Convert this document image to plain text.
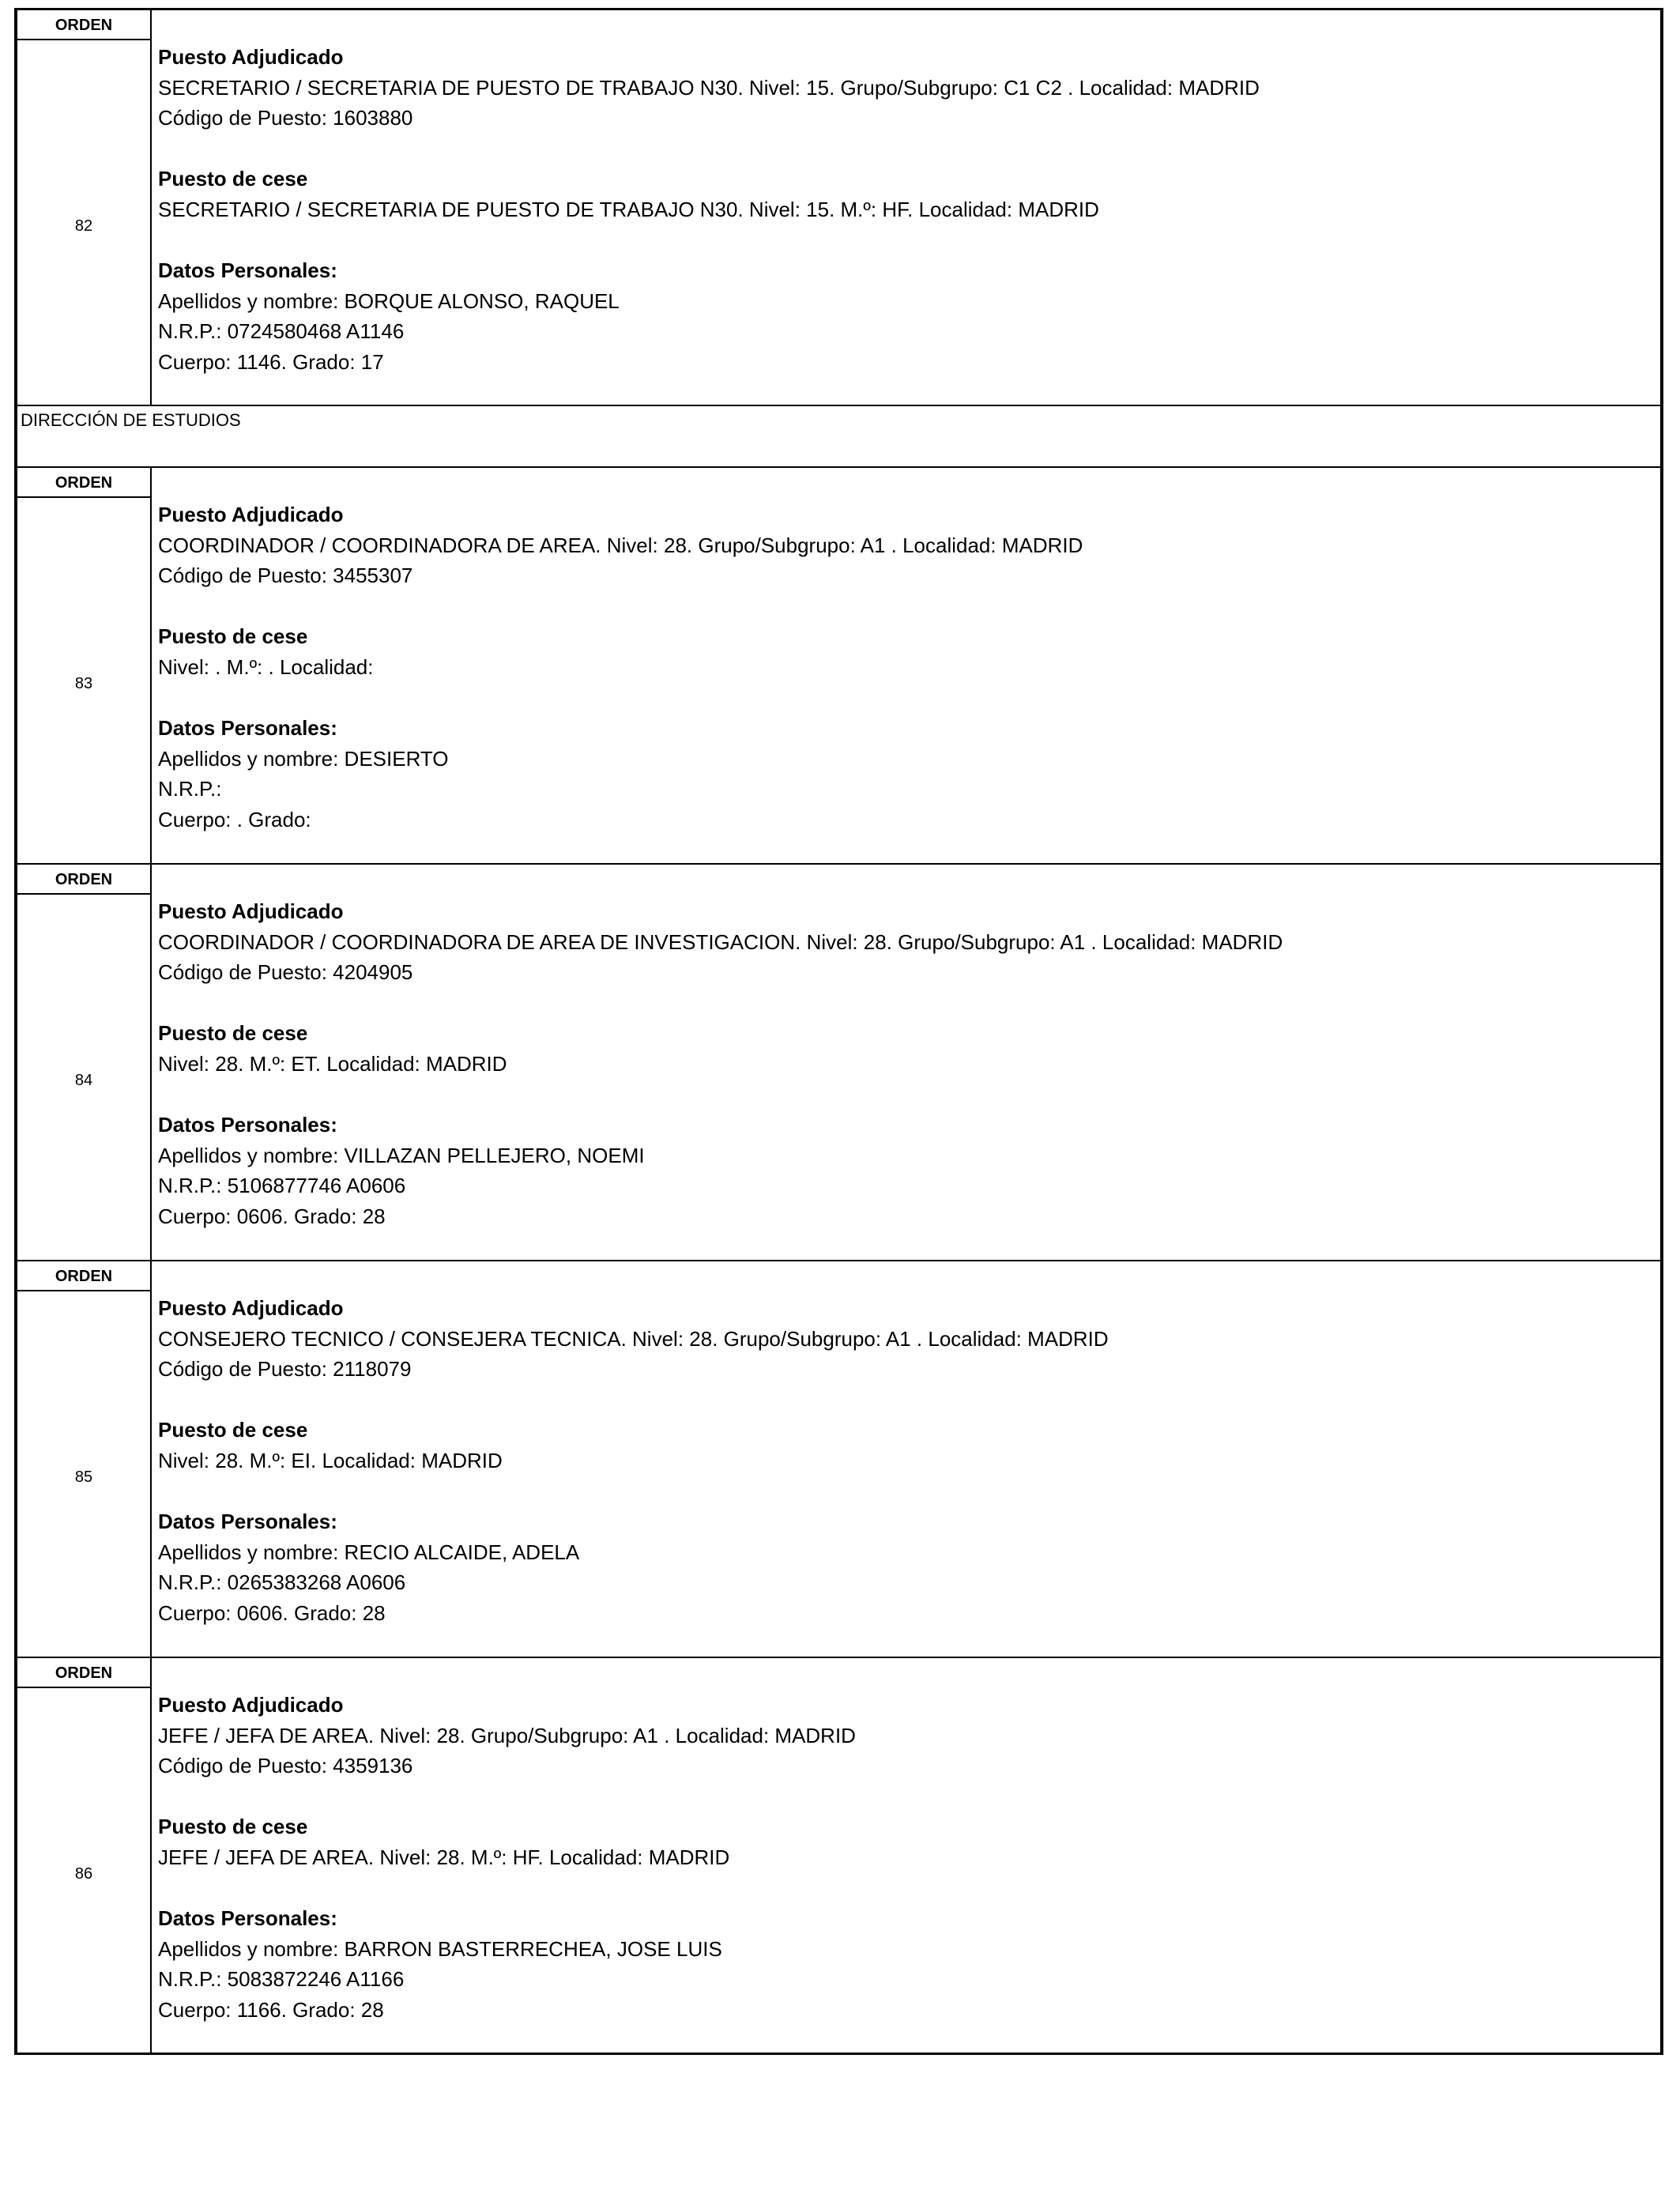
ORDEN
82
Puesto Adjudicado
SECRETARIO / SECRETARIA DE PUESTO DE TRABAJO N30. Nivel: 15. Grupo/Subgrupo: C1 C2 . Localidad: MADRID
Código de Puesto: 1603880
Puesto de cese
SECRETARIO / SECRETARIA DE PUESTO DE TRABAJO N30. Nivel: 15. M.º: HF. Localidad: MADRID
Datos Personales:
Apellidos y nombre: BORQUE ALONSO, RAQUEL
N.R.P.: 0724580468 A1146
Cuerpo: 1146. Grado: 17
DIRECCIÓN DE ESTUDIOS
ORDEN
83
Puesto Adjudicado
COORDINADOR / COORDINADORA DE AREA. Nivel: 28. Grupo/Subgrupo: A1 . Localidad: MADRID
Código de Puesto: 3455307
Puesto de cese
Nivel: . M.º: . Localidad:
Datos Personales:
Apellidos y nombre: DESIERTO
N.R.P.:
Cuerpo: . Grado:
ORDEN
84
Puesto Adjudicado
COORDINADOR / COORDINADORA DE AREA DE INVESTIGACION. Nivel: 28. Grupo/Subgrupo: A1 . Localidad: MADRID
Código de Puesto: 4204905
Puesto de cese
Nivel: 28. M.º: ET. Localidad: MADRID
Datos Personales:
Apellidos y nombre: VILLAZAN PELLEJERO, NOEMI
N.R.P.: 5106877746 A0606
Cuerpo: 0606. Grado: 28
ORDEN
85
Puesto Adjudicado
CONSEJERO TECNICO / CONSEJERA TECNICA. Nivel: 28. Grupo/Subgrupo: A1 . Localidad: MADRID
Código de Puesto: 2118079
Puesto de cese
Nivel: 28. M.º: EI. Localidad: MADRID
Datos Personales:
Apellidos y nombre: RECIO ALCAIDE, ADELA
N.R.P.: 0265383268 A0606
Cuerpo: 0606. Grado: 28
ORDEN
86
Puesto Adjudicado
JEFE / JEFA DE AREA. Nivel: 28. Grupo/Subgrupo: A1 . Localidad: MADRID
Código de Puesto: 4359136
Puesto de cese
JEFE / JEFA DE AREA. Nivel: 28. M.º: HF. Localidad: MADRID
Datos Personales:
Apellidos y nombre: BARRON BASTERRECHEA, JOSE LUIS
N.R.P.: 5083872246 A1166
Cuerpo: 1166. Grado: 28
